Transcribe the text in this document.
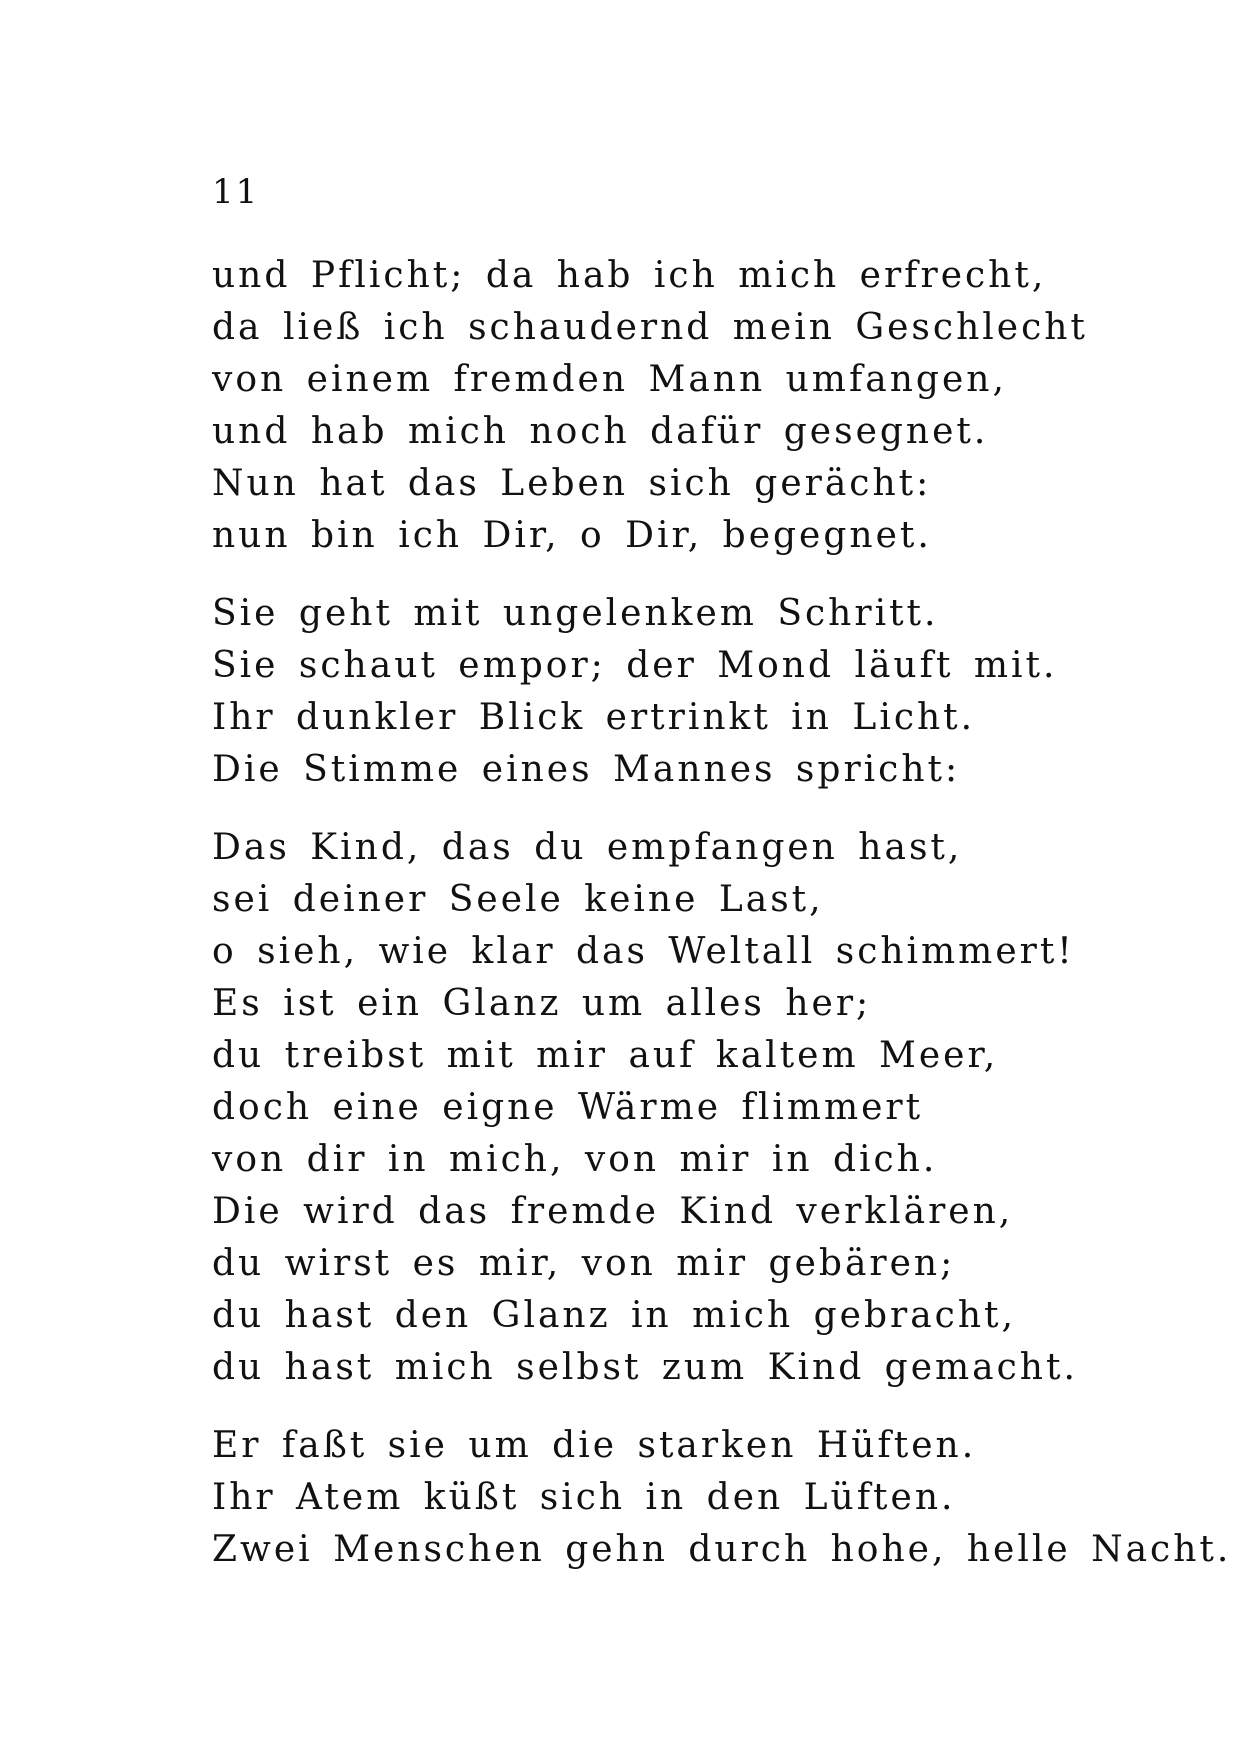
11
und Pflicht; da hab ich mich erfrecht,
da ließ ich schaudernd mein Geschlecht
von einem fremden Mann umfangen,
und hab mich noch dafür gesegnet.
Nun hat das Leben sich gerächt:
nun bin ich Dir, o Dir, begegnet.
Sie geht mit ungelenkem Schritt.
Sie schaut empor; der Mond läuft mit.
Ihr dunkler Blick ertrinkt in Licht.
Die Stimme eines Mannes spricht:
Das Kind, das du empfangen hast,
sei deiner Seele keine Last,
o sieh, wie klar das Weltall schimmert!
Es ist ein Glanz um alles her;
du treibst mit mir auf kaltem Meer,
doch eine eigne Wärme flimmert
von dir in mich, von mir in dich.
Die wird das fremde Kind verklären,
du wirst es mir, von mir gebären;
du hast den Glanz in mich gebracht,
du hast mich selbst zum Kind gemacht.
Er faßt sie um die starken Hüften.
Ihr Atem küßt sich in den Lüften.
Zwei Menschen gehn durch hohe, helle Nacht.
